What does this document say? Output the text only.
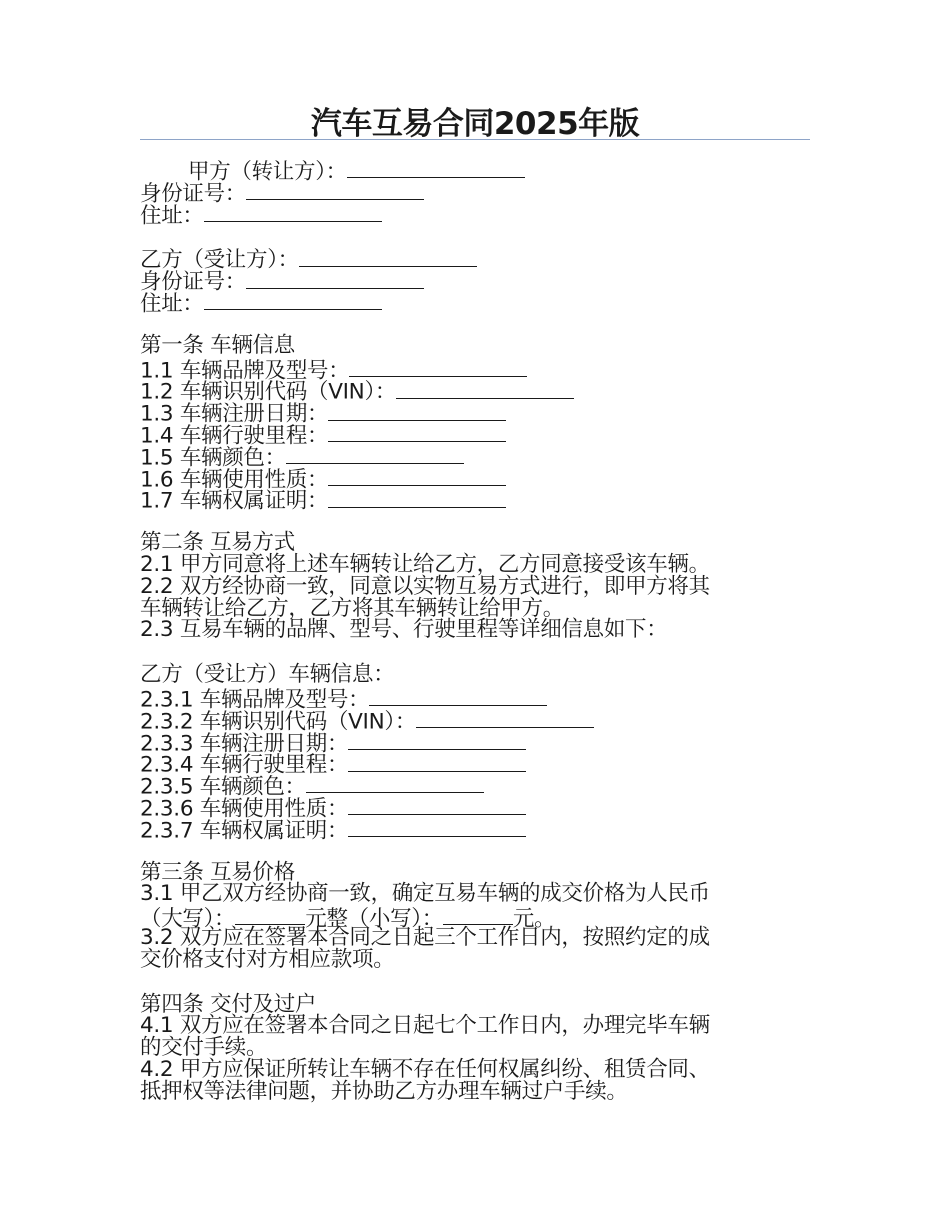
汽车互易合同2025年版
甲方（转让方）：
身份证号：
住址：
乙方（受让方）：
身份证号：
住址：
第一条 车辆信息
1.1 车辆品牌及型号：
1.2 车辆识别代码（VIN）：
1.3 车辆注册日期：
1.4 车辆行驶里程：
1.5 车辆颜色：
1.6 车辆使用性质：
1.7 车辆权属证明：
第二条 互易方式
2.1 甲方同意将上述车辆转让给乙方，乙方同意接受该车辆。
2.2 双方经协商一致，同意以实物互易方式进行，即甲方将其
车辆转让给乙方，乙方将其车辆转让给甲方。
2.3 互易车辆的品牌、型号、行驶里程等详细信息如下：
乙方（受让方）车辆信息：
2.3.1 车辆品牌及型号：
2.3.2 车辆识别代码（VIN）：
2.3.3 车辆注册日期：
2.3.4 车辆行驶里程：
2.3.5 车辆颜色：
2.3.6 车辆使用性质：
2.3.7 车辆权属证明：
第三条 互易价格
3.1 甲乙双方经协商一致，确定互易车辆的成交价格为人民币
（大写）：	元整（小写）：	元。
3.2 双方应在签署本合同之日起三个工作日内，按照约定的成
交价格支付对方相应款项。
第四条 交付及过户
4.1 双方应在签署本合同之日起七个工作日内，办理完毕车辆
的交付手续。
4.2 甲方应保证所转让车辆不存在任何权属纠纷、租赁合同、
抵押权等法律问题，并协助乙方办理车辆过户手续。
